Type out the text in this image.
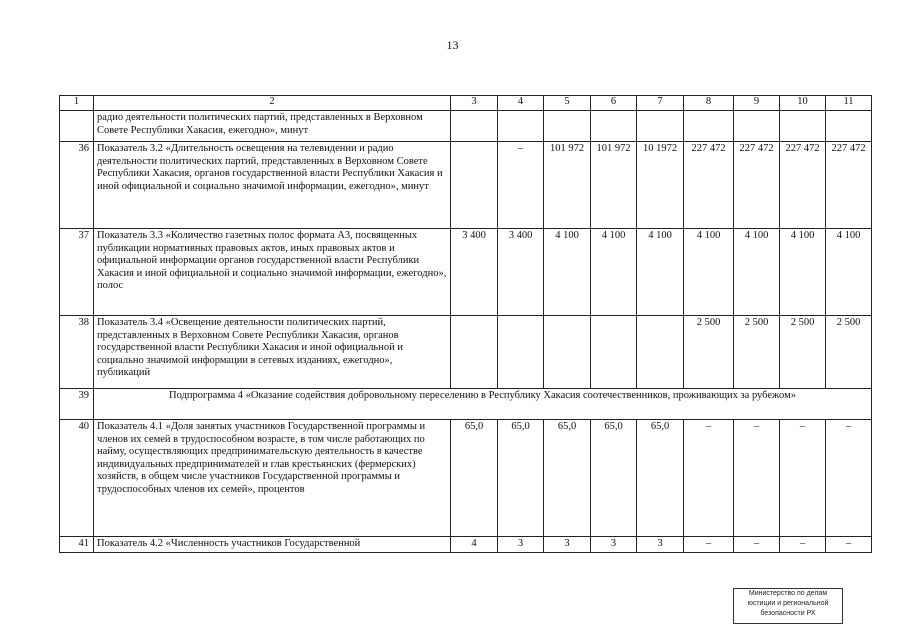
13
1	2	3	4	5	6	7	8	9	10	11
	радио деятельности политических партий, представленных в Верховном Совете Республики Хакасия, ежегодно», минут									
36	Показатель 3.2 «Длительность освещения на телевидении и радио деятельности политических партий, представленных в Верховном Совете Республики Хакасия, органов государственной власти Республики Хакасия и иной официальной и социально значимой информации, ежегодно», минут		–	101 972	101 972	10 1972	227 472	227 472	227 472	227 472
37	Показатель 3.3 «Количество газетных полос формата А3, посвященных публикации нормативных правовых актов, иных правовых актов и официальной информации органов государственной власти Республики Хакасия и иной официальной и социально значимой информации, ежегодно», полос	3 400	3 400	4 100	4 100	4 100	4 100	4 100	4 100	4 100
38	Показатель 3.4 «Освещение деятельности политических партий, представленных в Верховном Совете Республики Хакасия, органов государственной власти Республики Хакасия и иной официальной и социально значимой информации в сетевых изданиях, ежегодно», публикаций						2 500	2 500	2 500	2 500
39	Подпрограмма 4 «Оказание содействия добровольному переселению в Республику Хакасия соотечественников, проживающих за рубежом»									
40	Показатель 4.1 «Доля занятых участников Государственной программы и членов их семей в трудоспособном возрасте, в том числе работающих по найму, осуществляющих предпринимательскую деятельность в качестве индивидуальных предпринимателей и глав крестьянских (фермерских) хозяйств, в общем числе участников Государственной программы и трудоспособных членов их семей», процентов	65,0	65,0	65,0	65,0	65,0	–	–	–	–
41	Показатель 4.2 «Численность участников Государственной	4	3	3	3	3	–	–	–	–
Министерство по делам
юстиции и региональной
безопасности РХ
